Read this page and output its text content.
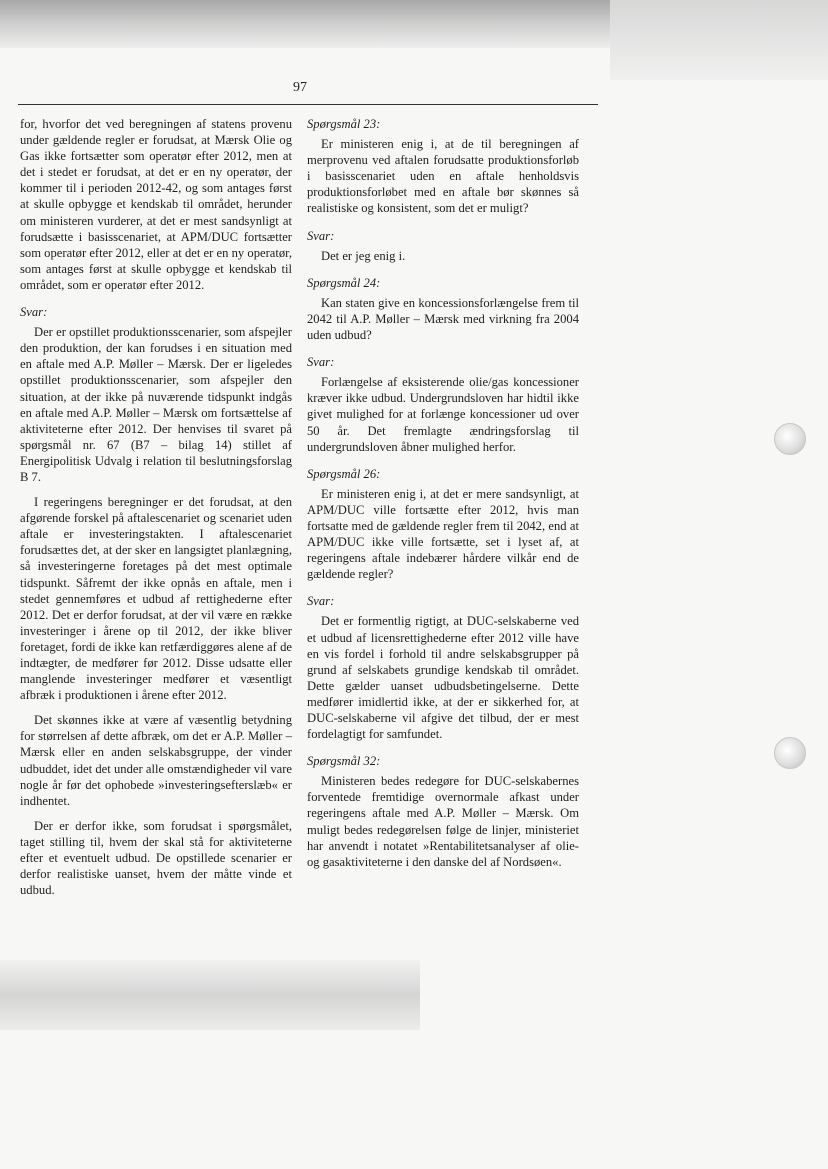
97

for, hvorfor det ved beregningen af statens provenu under gældende regler er forudsat, at Mærsk Olie og Gas ikke fortsætter som operatør efter 2012, men at det i stedet er forudsat, at det er en ny operatør, der kommer til i perioden 2012-42, og som antages først at skulle opbygge et kendskab til området, herunder om ministeren vurderer, at det er mest sandsynligt at forudsætte i basisscenariet, at APM/DUC fortsætter som operatør efter 2012, eller at det er en ny operatør, som antages først at skulle opbygge et kendskab til området, som er operatør efter 2012.

Svar:

Der er opstillet produktionsscenarier, som afspejler den produktion, der kan forudses i en situation med en aftale med A.P. Møller – Mærsk. Der er ligeledes opstillet produktionsscenarier, som afspejler den situation, at der ikke på nuværende tidspunkt indgås en aftale med A.P. Møller – Mærsk om fortsættelse af aktiviteterne efter 2012. Der henvises til svaret på spørgsmål nr. 67 (B7 – bilag 14) stillet af Energipolitisk Udvalg i relation til beslutningsforslag B 7.

I regeringens beregninger er det forudsat, at den afgørende forskel på aftalescenariet og scenariet uden aftale er investeringstakten. I aftalescenariet forudsættes det, at der sker en langsigtet planlægning, så investeringerne foretages på det mest optimale tidspunkt. Såfremt der ikke opnås en aftale, men i stedet gennemføres et udbud af rettighederne efter 2012. Det er derfor forudsat, at der vil være en række investeringer i årene op til 2012, der ikke bliver foretaget, fordi de ikke kan retfærdiggøres alene af de indtægter, de medfører før 2012. Disse udsatte eller manglende investeringer medfører et væsentligt afbræk i produktionen i årene efter 2012.

Det skønnes ikke at være af væsentlig betydning for størrelsen af dette afbræk, om det er A.P. Møller – Mærsk eller en anden selskabsgruppe, der vinder udbuddet, idet det under alle omstændigheder vil vare nogle år før det ophobede »investeringsefterslæb« er indhentet.

Der er derfor ikke, som forudsat i spørgsmålet, taget stilling til, hvem der skal stå for aktiviteterne efter et eventuelt udbud. De opstillede scenarier er derfor realistiske uanset, hvem der måtte vinde et udbud.

Spørgsmål 23:

Er ministeren enig i, at de til beregningen af merprovenu ved aftalen forudsatte produktionsforløb i basisscenariet uden en aftale henholdsvis produktionsforløbet med en aftale bør skønnes så realistiske og konsistent, som det er muligt?

Svar:

Det er jeg enig i.

Spørgsmål 24:

Kan staten give en koncessionsforlængelse frem til 2042 til A.P. Møller – Mærsk med virkning fra 2004 uden udbud?

Svar:

Forlængelse af eksisterende olie/gas koncessioner kræver ikke udbud. Undergrundsloven har hidtil ikke givet mulighed for at forlænge koncessioner ud over 50 år. Det fremlagte ændringsforslag til undergrundsloven åbner mulighed herfor.

Spørgsmål 26:

Er ministeren enig i, at det er mere sandsynligt, at APM/DUC ville fortsætte efter 2012, hvis man fortsatte med de gældende regler frem til 2042, end at APM/DUC ikke ville fortsætte, set i lyset af, at regeringens aftale indebærer hårdere vilkår end de gældende regler?

Svar:

Det er formentlig rigtigt, at DUC-selskaberne ved et udbud af licensrettighederne efter 2012 ville have en vis fordel i forhold til andre selskabsgrupper på grund af selskabets grundige kendskab til området. Dette gælder uanset udbudsbetingelserne. Dette medfører imidlertid ikke, at der er sikkerhed for, at DUC-selskaberne vil afgive det tilbud, der er mest fordelagtigt for samfundet.

Spørgsmål 32:

Ministeren bedes redegøre for DUC-selskabernes forventede fremtidige overnormale afkast under regeringens aftale med A.P. Møller – Mærsk. Om muligt bedes redegørelsen følge de linjer, ministeriet har anvendt i notatet »Rentabilitetsanalyser af olie- og gasaktiviteterne i den danske del af Nordsøen«.
